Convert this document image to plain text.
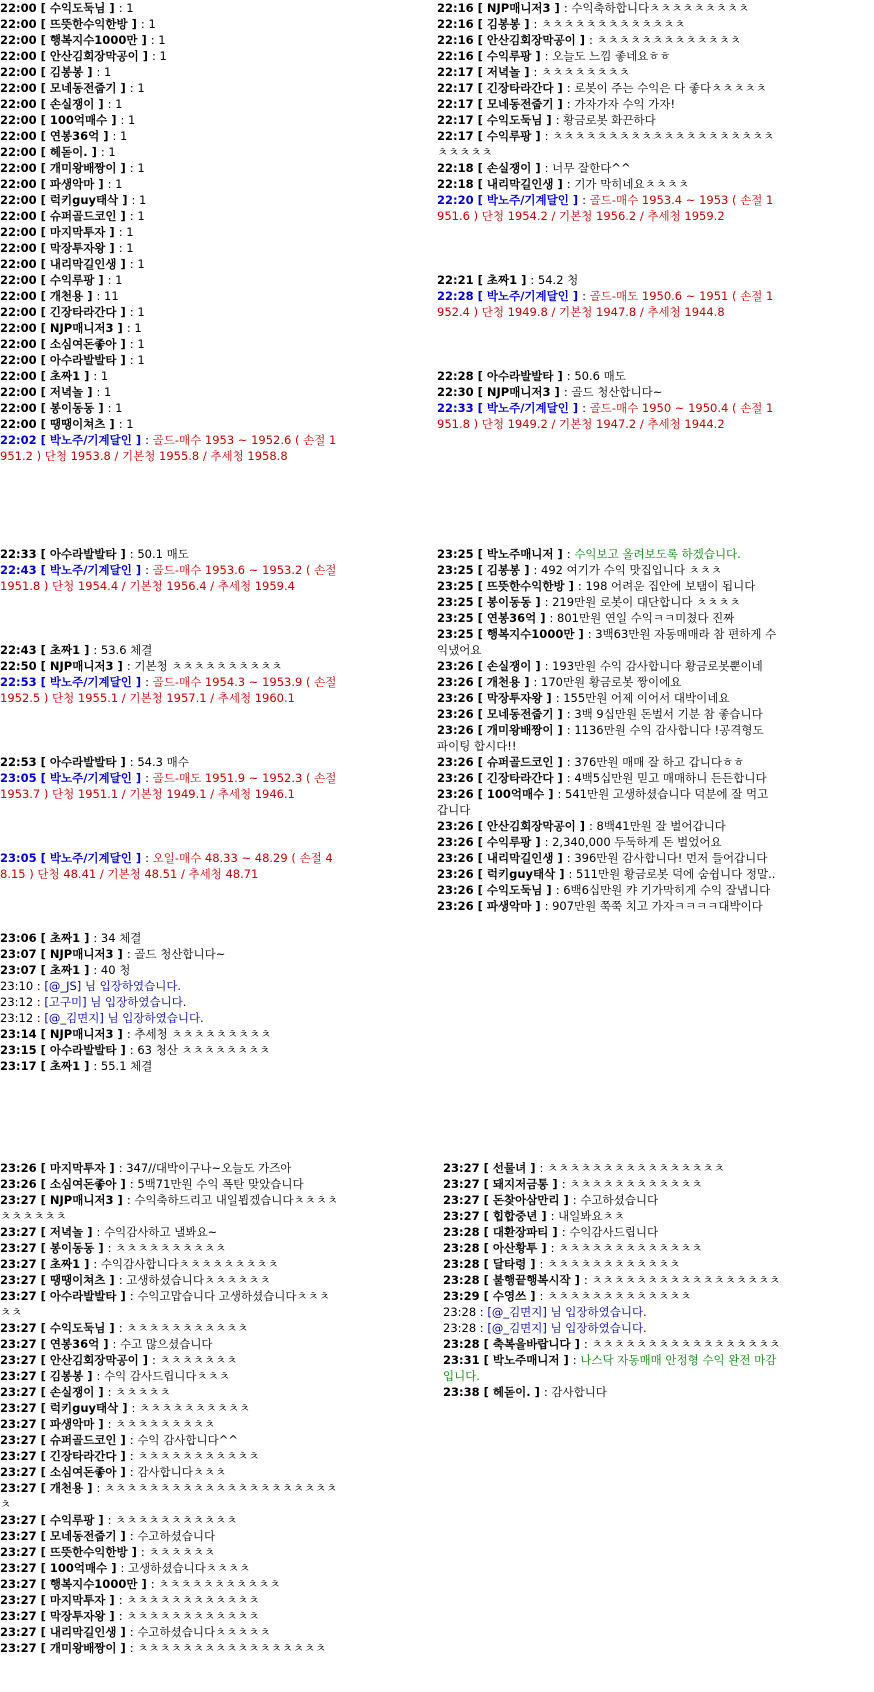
22:00 [ 수익도둑님 ] : 1
22:00 [ 뜨뜻한수익한방 ] : 1
22:00 [ 행복지수1000만 ] : 1
22:00 [ 안산김회장막공이 ] : 1
22:00 [ 김봉봉 ] : 1
22:00 [ 모네동전줍기 ] : 1
22:00 [ 손실쟁이 ] : 1
22:00 [ 100억매수 ] : 1
22:00 [ 연봉36억 ] : 1
22:00 [ 헤돋이. ] : 1
22:00 [ 개미왕배짱이 ] : 1
22:00 [ 파생악마 ] : 1
22:00 [ 럭키guy태삭 ] : 1
22:00 [ 슈퍼골드코인 ] : 1
22:00 [ 마지막투자 ] : 1
22:00 [ 막장투자왕 ] : 1
22:00 [ 내리막길인생 ] : 1
22:00 [ 수익루팡 ] : 1
22:00 [ 개천용 ] : 11
22:00 [ 긴장타라간다 ] : 1
22:00 [ NJP매니저3 ] : 1
22:00 [ 소심여돈좋아 ] : 1
22:00 [ 아수라발발타 ] : 1
22:00 [ 초짜1 ] : 1
22:00 [ 저녁놀 ] : 1
22:00 [ 봉이동동 ] : 1
22:00 [ 땡땡이쳐츠 ] : 1
22:02 [ 박노주/기계달인 ] : 골드-매수 1953 ~ 1952.6 ( 손절 1951.2 ) 단청 1953.8 / 기본청 1955.8 / 추세청 1958.8
22:16 [ NJP매니저3 ] : 수익축하합니다ㅊㅊㅊㅊㅊㅊㅊㅊㅊ
22:16 [ 김봉봉 ] : ㅊㅊㅊㅊㅊㅊㅊㅊㅊㅊㅊㅊㅊ
22:16 [ 안산김회장막공이 ] : ㅊㅊㅊㅊㅊㅊㅊㅊㅊㅊㅊㅊㅊ
22:16 [ 수익루팡 ] : 오늘도 느낌 좋네요ㅎㅎ
22:17 [ 저녁놀 ] : ㅊㅊㅊㅊㅊㅊㅊㅊ
22:17 [ 긴장타라간다 ] : 로봇이 주는 수익은 다 좋다ㅊㅊㅊㅊㅊ
22:17 [ 모네동전줍기 ] : 가자가자 수익 가자!
22:17 [ 수익도둑님 ] : 황금로봇 화끈하다
22:17 [ 수익루팡 ] : ㅊㅊㅊㅊㅊㅊㅊㅊㅊㅊㅊㅊㅊㅊㅊㅊㅊㅊㅊㅊㅊㅊㅊㅊㅊ
22:18 [ 손실쟁이 ] : 너무 잘한다^^
22:18 [ 내리막길인생 ] : 기가 막히네요ㅊㅊㅊㅊ
22:20 [ 박노주/기계달인 ] : 골드-매수 1953.4 ~ 1953 ( 손절 1951.6 ) 단청 1954.2 / 기본청 1956.2 / 추세청 1959.2
22:21 [ 초짜1 ] : 54.2 청
22:28 [ 박노주/기계달인 ] : 골드-매도 1950.6 ~ 1951 ( 손절 1952.4 ) 단청 1949.8 / 기본청 1947.8 / 추세청 1944.8
22:28 [ 아수라발발타 ] : 50.6 매도
22:30 [ NJP매니저3 ] : 골드 청산합니다~
22:33 [ 박노주/기계달인 ] : 골드-매수 1950 ~ 1950.4 ( 손절 1951.8 ) 단청 1949.2 / 기본청 1947.2 / 추세청 1944.2
22:33 [ 아수라발발타 ] : 50.1 매도
22:43 [ 박노주/기계달인 ] : 골드-매수 1953.6 ~ 1953.2 ( 손절 1951.8 ) 단청 1954.4 / 기본청 1956.4 / 추세청 1959.4
22:43 [ 초짜1 ] : 53.6 체결
22:50 [ NJP매니저3 ] : 기본청 ㅊㅊㅊㅊㅊㅊㅊㅊㅊㅊ
22:53 [ 박노주/기계달인 ] : 골드-매수 1954.3 ~ 1953.9 ( 손절 1952.5 ) 단청 1955.1 / 기본청 1957.1 / 추세청 1960.1
22:53 [ 아수라발발타 ] : 54.3 매수
23:05 [ 박노주/기계달인 ] : 골드-매도 1951.9 ~ 1952.3 ( 손절 1953.7 ) 단청 1951.1 / 기본청 1949.1 / 추세청 1946.1
23:05 [ 박노주/기계달인 ] : 오일-매수 48.33 ~ 48.29 ( 손절 48.15 ) 단청 48.41 / 기본청 48.51 / 추세청 48.71
23:06 [ 초짜1 ] : 34 체결
23:07 [ NJP매니저3 ] : 골드 청산합니다~
23:07 [ 초짜1 ] : 40 청
23:10 : [@_JS] 님 입장하였습니다.
23:12 : [고구미] 님 입장하였습니다.
23:12 : [@_김면지] 님 입장하였습니다.
23:14 [ NJP매니저3 ] : 추세청 ㅊㅊㅊㅊㅊㅊㅊㅊㅊ
23:15 [ 아수라발발타 ] : 63 청산 ㅊㅊㅊㅊㅊㅊㅊㅊ
23:17 [ 초짜1 ] : 55.1 체결
23:25 [ 박노주매니저 ] : 수익보고 올려보도록 하겠습니다.
23:25 [ 김봉봉 ] : 492 여기가 수익 맛집입니다 ㅊㅊㅊ
23:25 [ 뜨뜻한수익한방 ] : 198 어려운 집안에 보탬이 됩니다
23:25 [ 봉이동동 ] : 219만원 로봇이 대단합니다 ㅊㅊㅊㅊ
23:25 [ 연봉36억 ] : 801만원 연일 수익ㅋㅋ미쳤다 진짜
23:25 [ 행복지수1000만 ] : 3백63만원 자동매매라 참 편하게 수익냈어요
23:26 [ 손실쟁이 ] : 193만원 수익 감사합니다 황금로봇뿐이네
23:26 [ 개천용 ] : 170만원 황금로봇 짱이에요
23:26 [ 막장투자왕 ] : 155만원 어제 이어서 대박이네요
23:26 [ 모네동전줍기 ] : 3백 9십만원 돈벌서 기분 참 좋습니다
23:26 [ 개미왕배짱이 ] : 1136만원 수익 감사합니다 !공격형도 파이팅 합시다!!
23:26 [ 슈퍼골드코인 ] : 376만원 매매 잘 하고 갑니다ㅎㅎ
23:26 [ 긴장타라간다 ] : 4백5십만원 믿고 매매하니 든든합니다
23:26 [ 100억매수 ] : 541만원 고생하셨습니다 덕분에 잘 먹고 갑니다
23:26 [ 안산김회장막공이 ] : 8백41만원 잘 벌어갑니다
23:26 [ 수익루팡 ] : 2,340,000 두둑하게 돈 벌었어요
23:26 [ 내리막길인생 ] : 396만원 감사합니다! 먼저 들어갑니다
23:26 [ 럭키guy태삭 ] : 511만원 황금로봇 덕에 숨쉽니다 정말..
23:26 [ 수익도둑님 ] : 6백6십만원 캬 기가막히게 수익 잘냅니다
23:26 [ 파생악마 ] : 907만원 쭉쭉 치고 가자ㅋㅋㅋㅋ대박이다
23:26 [ 마지막투자 ] : 347//대박이구나~오늘도 가즈아
23:26 [ 소심여돈좋아 ] : 5백71만원 수익 폭탄 맞았습니다
23:27 [ NJP매니저3 ] : 수익축하드리고 내일뵙겠습니다ㅊㅊㅊㅊㅊㅊㅊㅊㅊㅊ
23:27 [ 저녁놀 ] : 수익감사하고 낼봐요~
23:27 [ 봉이동동 ] : ㅊㅊㅊㅊㅊㅊㅊㅊㅊㅊ
23:27 [ 초짜1 ] : 수익감사합니다ㅊㅊㅊㅊㅊㅊㅊㅊㅊ
23:27 [ 땡땡이쳐츠 ] : 고생하셨습니다ㅊㅊㅊㅊㅊㅊ
23:27 [ 아수라발발타 ] : 수익고맙습니다 고생하셨습니다ㅊㅊㅊㅊㅊ
23:27 [ 수익도둑님 ] : ㅊㅊㅊㅊㅊㅊㅊㅊㅊㅊㅊ
23:27 [ 연봉36억 ] : 수고 많으셨습니다
23:27 [ 안산김회장막공이 ] : ㅊㅊㅊㅊㅊㅊㅊ
23:27 [ 김봉봉 ] : 수익 감사드립니다ㅊㅊㅊ
23:27 [ 손실쟁이 ] : ㅊㅊㅊㅊㅊ
23:27 [ 럭키guy태삭 ] : ㅊㅊㅊㅊㅊㅊㅊㅊㅊㅊ
23:27 [ 파생악마 ] : ㅊㅊㅊㅊㅊㅊㅊㅊㅊ
23:27 [ 슈퍼골드코인 ] : 수익 감사합니다^^
23:27 [ 긴장타라간다 ] : ㅊㅊㅊㅊㅊㅊㅊㅊㅊㅊㅊ
23:27 [ 소심여돈좋아 ] : 감사합니다ㅊㅊㅊ
23:27 [ 개천용 ] : ㅊㅊㅊㅊㅊㅊㅊㅊㅊㅊㅊㅊㅊㅊㅊㅊㅊㅊㅊㅊㅊㅊ
23:27 [ 수익루팡 ] : ㅊㅊㅊㅊㅊㅊㅊㅊㅊㅊㅊ
23:27 [ 모네동전줍기 ] : 수고하셨습니다
23:27 [ 뜨뜻한수익한방 ] : ㅊㅊㅊㅊㅊㅊ
23:27 [ 100억매수 ] : 고생하셨습니다ㅊㅊㅊㅊ
23:27 [ 행복지수1000만 ] : ㅊㅊㅊㅊㅊㅊㅊㅊㅊㅊㅊ
23:27 [ 마지막투자 ] : ㅊㅊㅊㅊㅊㅊㅊㅊㅊㅊㅊㅊ
23:27 [ 막장투자왕 ] : ㅊㅊㅊㅊㅊㅊㅊㅊㅊㅊㅊㅊ
23:27 [ 내리막길인생 ] : 수고하셨습니다ㅊㅊㅊㅊㅊ
23:27 [ 개미왕배짱이 ] : ㅊㅊㅊㅊㅊㅊㅊㅊㅊㅊㅊㅊㅊㅊㅊㅊㅊ
23:27 [ 선물녀 ] : ㅊㅊㅊㅊㅊㅊㅊㅊㅊㅊㅊㅊㅊㅊㅊㅊ
23:27 [ 돼지저금통 ] : ㅊㅊㅊㅊㅊㅊㅊㅊㅊㅊㅊㅊ
23:27 [ 돈찾아삼만리 ] : 수고하셨습니다
23:27 [ 힙합중년 ] : 내일봐요ㅊㅊ
23:28 [ 대환장파티 ] : 수익감사드립니다
23:28 [ 아산황투 ] : ㅊㅊㅊㅊㅊㅊㅊㅊㅊㅊㅊㅊㅊ
23:28 [ 달타령 ] : ㅊㅊㅊㅊㅊㅊㅊㅊㅊㅊㅊㅊ
23:28 [ 불행끝행복시작 ] : ㅊㅊㅊㅊㅊㅊㅊㅊㅊㅊㅊㅊㅊㅊㅊㅊㅊ
23:29 [ 수영쓰 ] : ㅊㅊㅊㅊㅊㅊㅊㅊㅊㅊㅊㅊㅊ
23:28 : [@_김면지] 님 입장하였습니다.
23:28 : [@_김면지] 님 입장하였습니다.
23:28 [ 축복을바랍니다 ] : ㅊㅊㅊㅊㅊㅊㅊㅊㅊㅊㅊㅊㅊㅊㅊㅊㅊ
23:31 [ 박노주매니저 ] : 나스닥 자동매매 안정형 수익 완전 마감입니다.
23:38 [ 헤돋이. ] : 감사합니다
